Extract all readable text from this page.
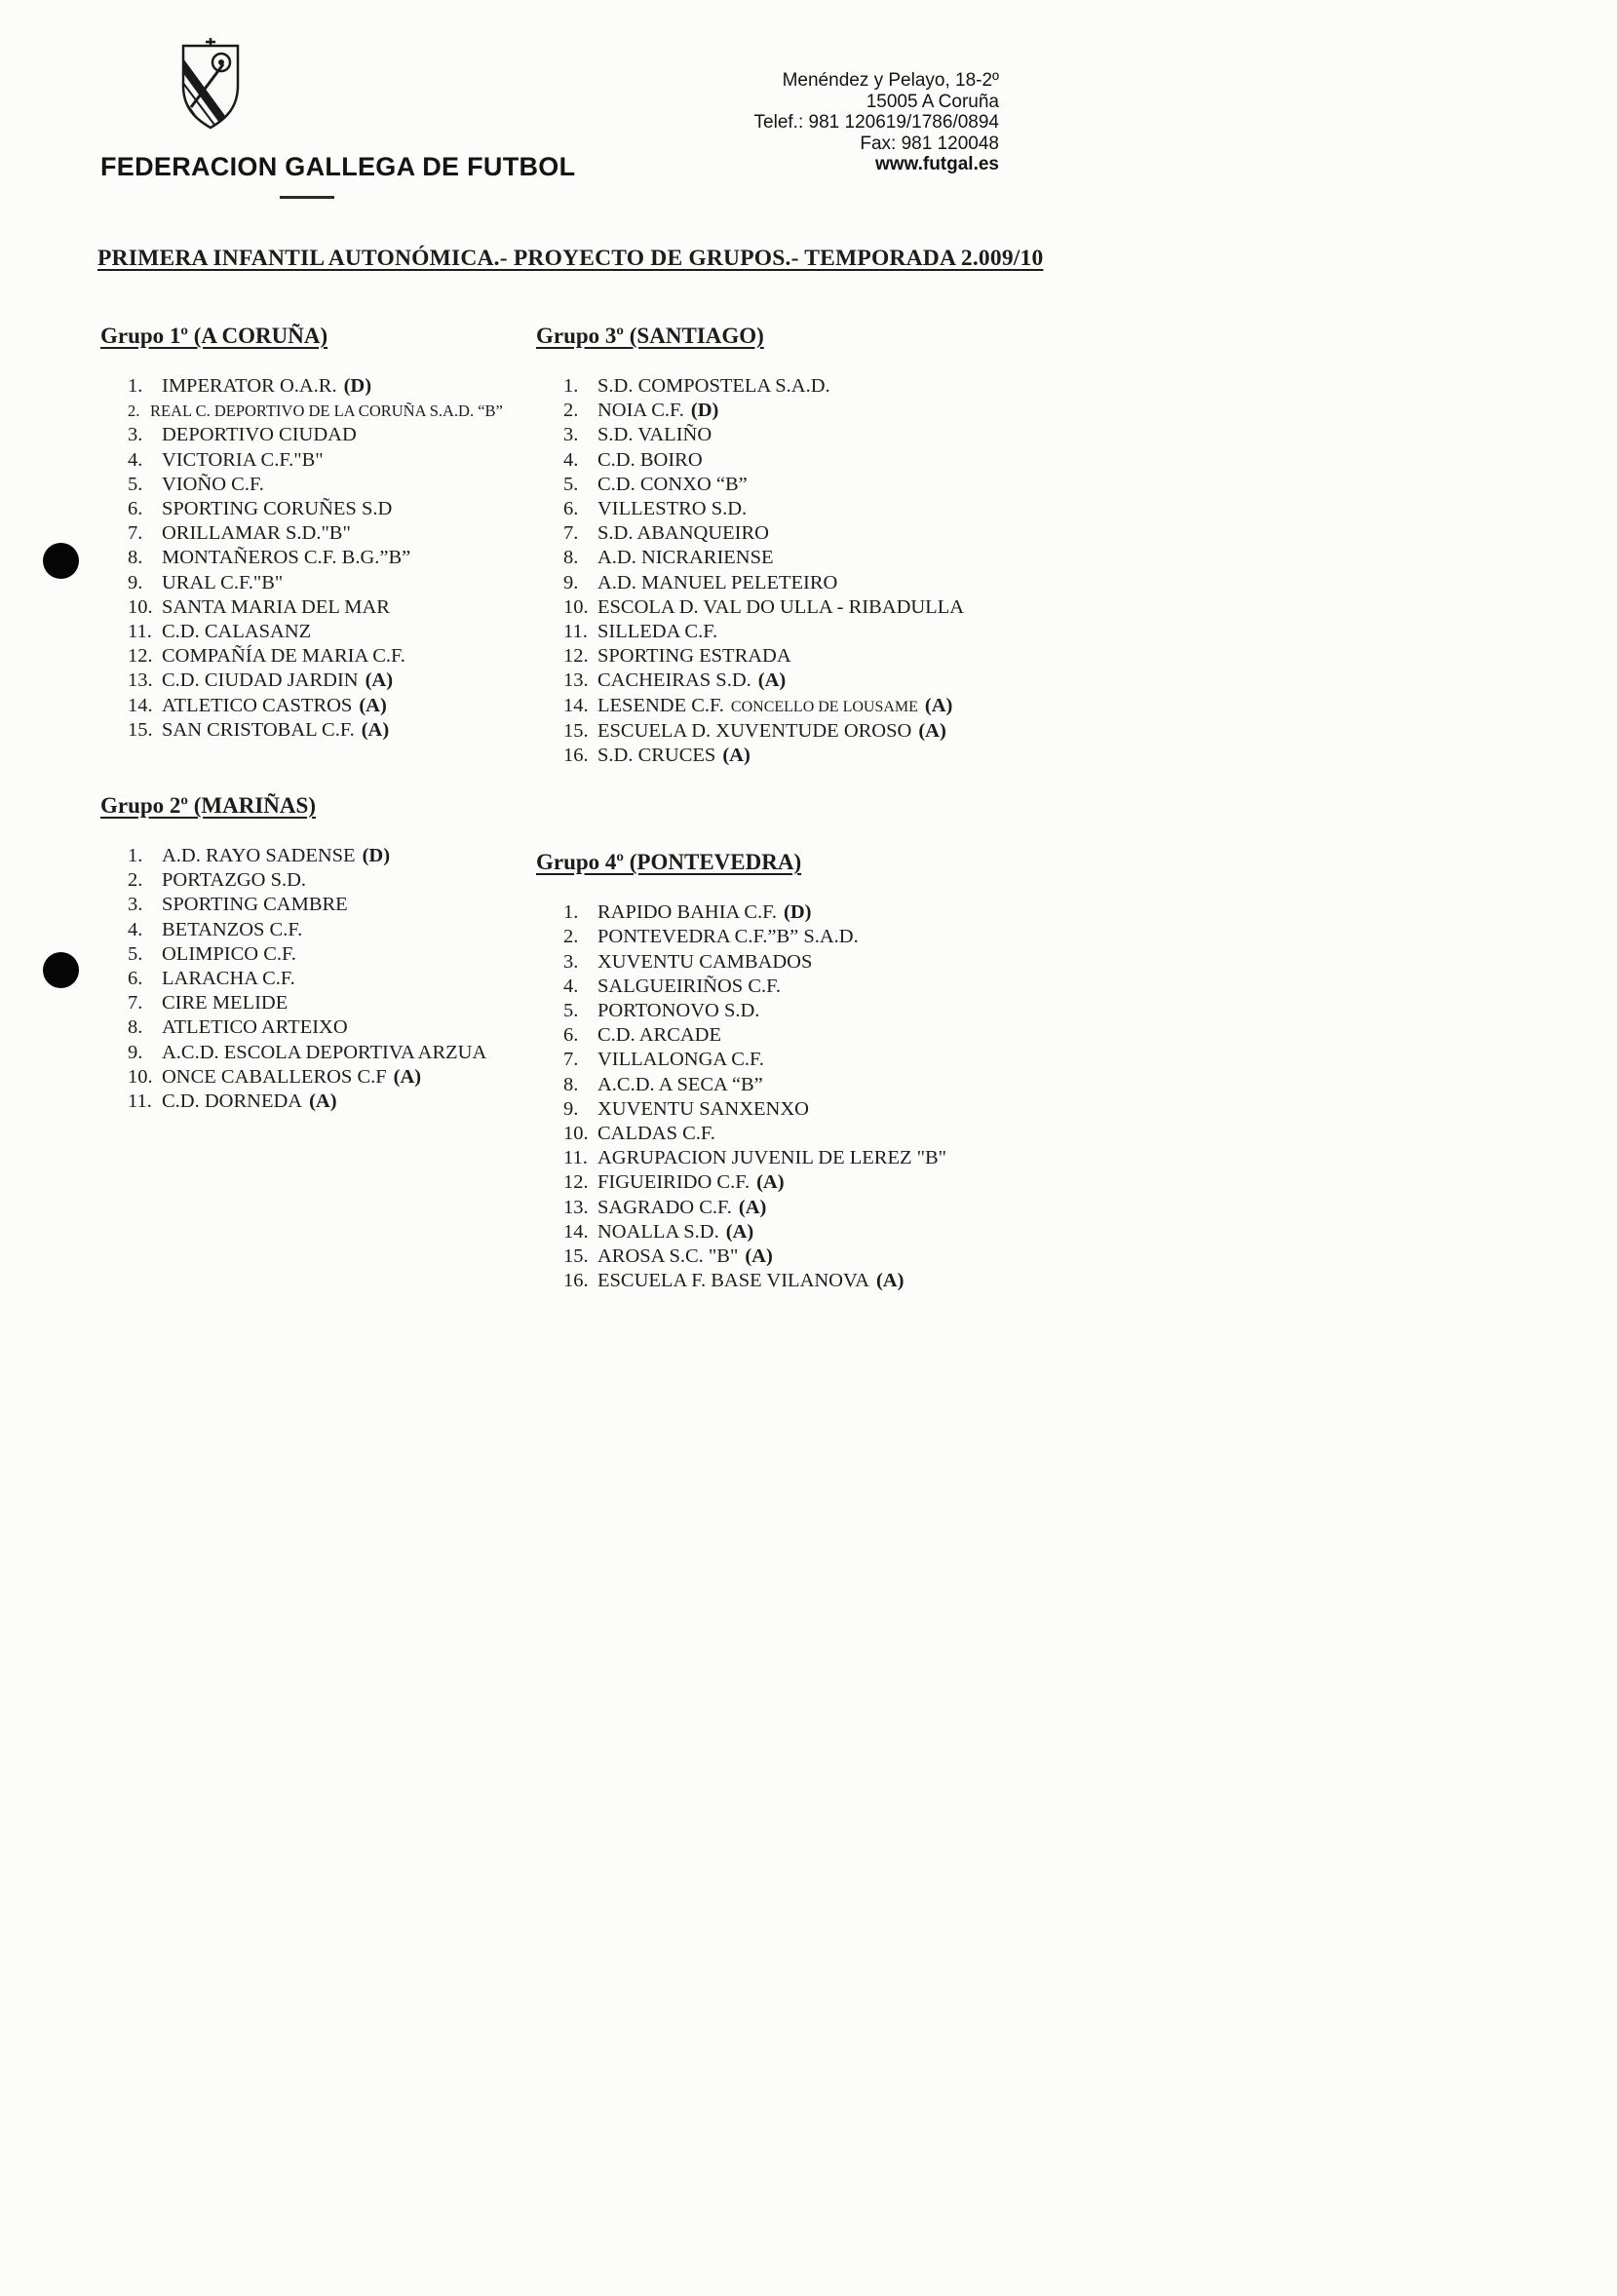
FEDERACION GALLEGA DE FUTBOL
Menéndez y Pelayo, 18-2º
15005 A Coruña
Telef.: 981 120619/1786/0894
Fax: 981 120048
www.futgal.es
PRIMERA INFANTIL AUTONÓMICA.- PROYECTO DE GRUPOS.- TEMPORADA 2.009/10
Grupo 1º (A CORUÑA)
1. IMPERATOR O.A.R. (D)
2. REAL C. DEPORTIVO DE LA CORUÑA S.A.D. “B”
3. DEPORTIVO CIUDAD
4. VICTORIA C.F."B"
5. VIOÑO C.F.
6. SPORTING CORUÑES S.D
7. ORILLAMAR S.D."B"
8. MONTAÑEROS C.F. B.G.”B”
9. URAL C.F."B"
10. SANTA MARIA DEL MAR
11. C.D. CALASANZ
12. COMPAÑÍA DE MARIA C.F.
13. C.D. CIUDAD JARDIN (A)
14. ATLETICO CASTROS (A)
15. SAN CRISTOBAL C.F. (A)
Grupo 2º (MARIÑAS)
1. A.D. RAYO SADENSE (D)
2. PORTAZGO S.D.
3. SPORTING CAMBRE
4. BETANZOS C.F.
5. OLIMPICO C.F.
6. LARACHA C.F.
7. CIRE MELIDE
8. ATLETICO ARTEIXO
9. A.C.D. ESCOLA DEPORTIVA ARZUA
10. ONCE CABALLEROS C.F (A)
11. C.D. DORNEDA (A)
Grupo 3º (SANTIAGO)
1. S.D. COMPOSTELA S.A.D.
2. NOIA C.F. (D)
3. S.D. VALIÑO
4. C.D. BOIRO
5. C.D. CONXO “B”
6. VILLESTRO S.D.
7. S.D. ABANQUEIRO
8. A.D. NICRARIENSE
9. A.D. MANUEL PELETEIRO
10. ESCOLA D. VAL DO ULLA - RIBADULLA
11. SILLEDA C.F.
12. SPORTING ESTRADA
13. CACHEIRAS S.D. (A)
14. LESENDE C.F. CONCELLO DE LOUSAME (A)
15. ESCUELA D. XUVENTUDE OROSO (A)
16. S.D. CRUCES (A)
Grupo 4º (PONTEVEDRA)
1. RAPIDO BAHIA C.F. (D)
2. PONTEVEDRA C.F.”B” S.A.D.
3. XUVENTU CAMBADOS
4. SALGUEIRIÑOS C.F.
5. PORTONOVO S.D.
6. C.D. ARCADE
7. VILLALONGA C.F.
8. A.C.D. A SECA “B”
9. XUVENTU SANXENXO
10. CALDAS C.F.
11. AGRUPACION JUVENIL DE LEREZ "B"
12. FIGUEIRIDO C.F. (A)
13. SAGRADO C.F. (A)
14. NOALLA S.D. (A)
15. AROSA S.C. "B" (A)
16. ESCUELA F. BASE VILANOVA (A)
